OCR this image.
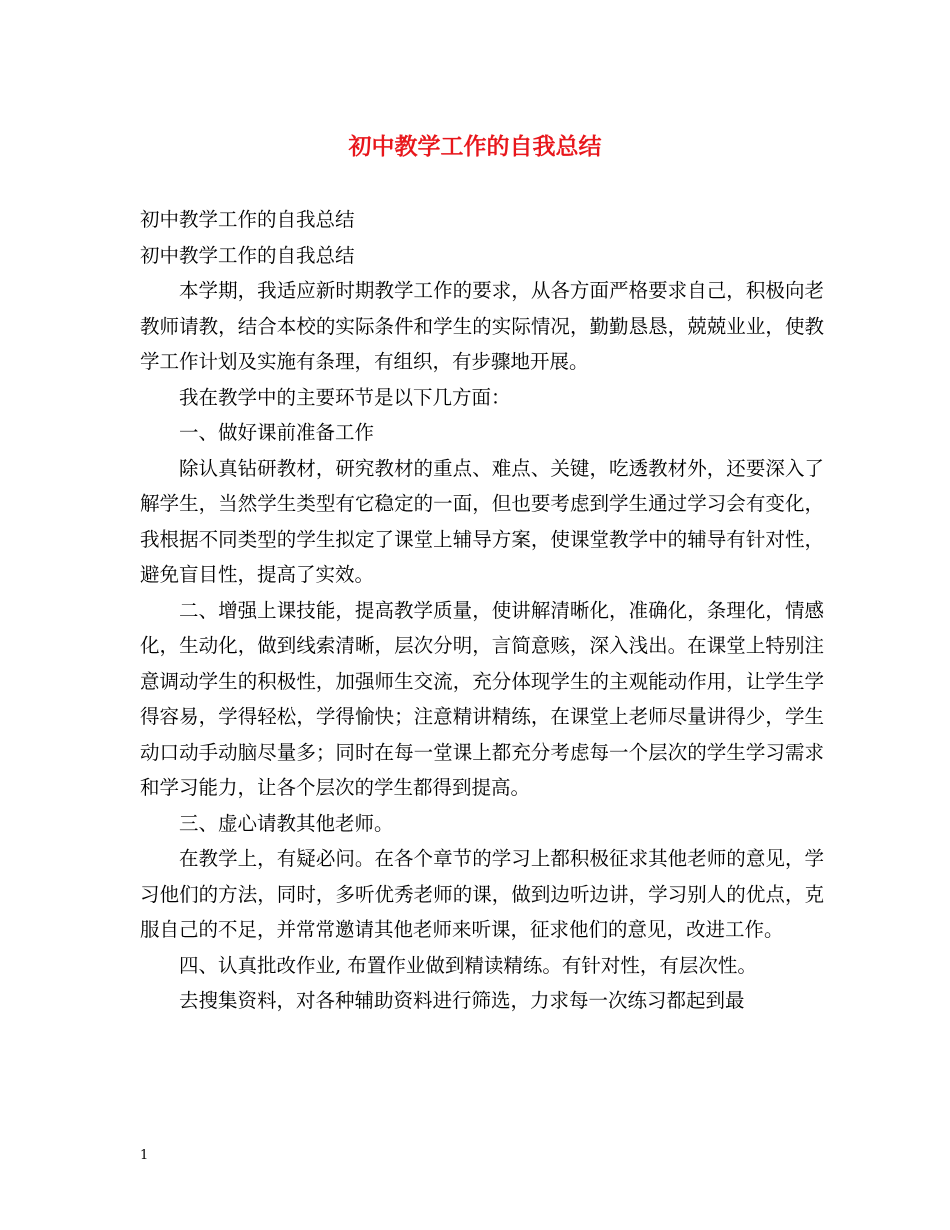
初中教学工作的自我总结

初中教学工作的自我总结

初中教学工作的自我总结

本学期，我适应新时期教学工作的要求，从各方面严格要求自己，积极向老教师请教，结合本校的实际条件和学生的实际情况，勤勤恳恳，兢兢业业，使教学工作计划及实施有条理，有组织，有步骤地开展。

我在教学中的主要环节是以下几方面：

一、做好课前准备工作

除认真钻研教材，研究教材的重点、难点、关键，吃透教材外，还要深入了解学生，当然学生类型有它稳定的一面，但也要考虑到学生通过学习会有变化，我根据不同类型的学生拟定了课堂上辅导方案，使课堂教学中的辅导有针对性，避免盲目性，提高了实效。

二、增强上课技能，提高教学质量，使讲解清晰化，准确化，条理化，情感化，生动化，做到线索清晰，层次分明，言简意赅，深入浅出。在课堂上特别注意调动学生的积极性，加强师生交流，充分体现学生的主观能动作用，让学生学得容易，学得轻松，学得愉快；注意精讲精练，在课堂上老师尽量讲得少，学生动口动手动脑尽量多；同时在每一堂课上都充分考虑每一个层次的学生学习需求和学习能力，让各个层次的学生都得到提高。

三、虚心请教其他老师。

在教学上，有疑必问。在各个章节的学习上都积极征求其他老师的意见，学习他们的方法，同时，多听优秀老师的课，做到边听边讲，学习别人的优点，克服自己的不足，并常常邀请其他老师来听课，征求他们的意见，改进工作。

四、认真批改作业, 布置作业做到精读精练。有针对性，有层次性。

去搜集资料，对各种辅助资料进行筛选，力求每一次练习都起到最

1
